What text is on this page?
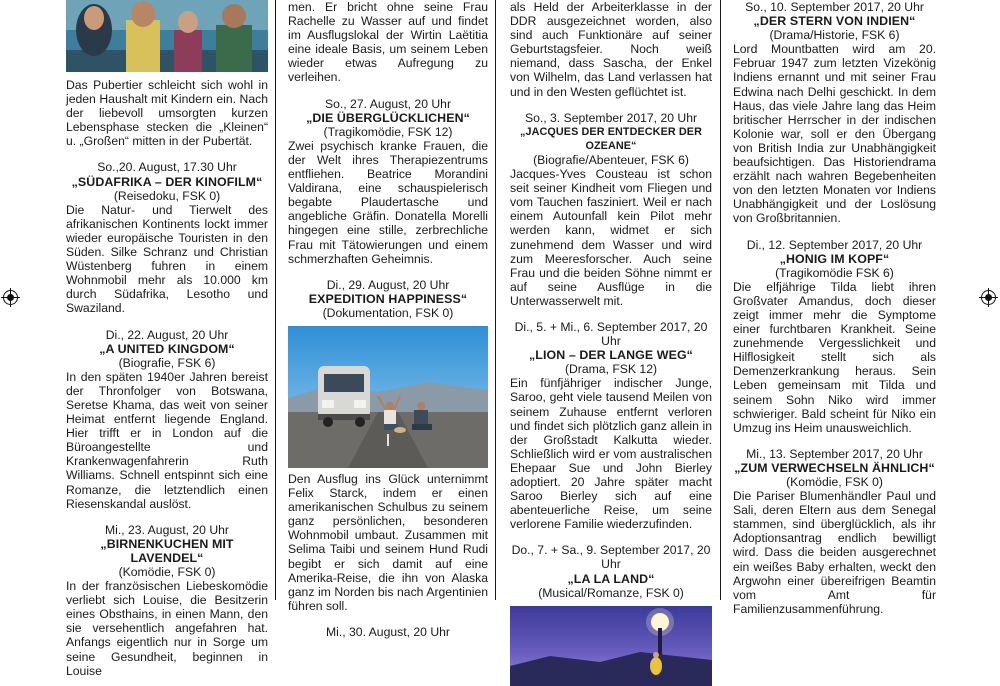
Das Pubertier schleicht sich wohl in jeden Haushalt mit Kindern ein. Nach der liebevoll umsorgten kurzen Lebensphase stecken die „Kleinen“ u. „Großen“ mitten in der Pubertät.

So.,20. August, 17.30 Uhr

„SÜDAFRIKA – DER KINOFILM“

(Reisedoku, FSK 0)

Die Natur- und Tierwelt des afrikanischen Kontinents lockt immer wieder europäische Touristen in den Süden. Silke Schranz und Christian Wüstenberg fuhren in einem Wohnmobil mehr als 10.000 km durch Südafrika, Lesotho und Swaziland.

Di., 22. August, 20 Uhr

„A UNITED KINGDOM“

(Biografie, FSK 6)

In den späten 1940er Jahren bereist der Thronfolger von Botswana, Seretse Khama, das weit von seiner Heimat entfernt liegende England. Hier trifft er in London auf die Büroangestellte und Krankenwagenfahrerin Ruth Williams. Schnell entspinnt sich eine Romanze, die letztendlich einen Riesenskandal auslöst.

Mi., 23. August, 20 Uhr

„BIRNENKUCHEN MIT LAVENDEL“

(Komödie, FSK 0)

In der französischen Liebeskomödie verliebt sich Louise, die Besitzerin eines Obsthains, in einen Mann, den sie versehentlich angefahren hat. Anfangs eigentlich nur in Sorge um seine Gesundheit, beginnen in Louise

men. Er bricht ohne seine Frau Rachelle zu Wasser auf und findet im Ausflugslokal der Wirtin Laëtitia eine ideale Basis, um seinem Leben wieder etwas Aufregung zu verleihen.

So., 27. August, 20 Uhr

„DIE ÜBERGLÜCKLICHEN“

(Tragikomödie, FSK 12)

Zwei psychisch kranke Frauen, die der Welt ihres Therapiezentrums entfliehen. Beatrice Morandini Valdirana, eine schauspielerisch begabte Plaudertasche und angebliche Gräfin. Donatella Morelli hingegen eine stille, zerbrechliche Frau mit Tätowierungen und einem schmerzhaften Geheimnis.

Di., 29. August, 20 Uhr

EXPEDITION HAPPINESS“

(Dokumentation, FSK 0)

Den Ausflug ins Glück unternimmt Felix Starck, indem er einen amerikanischen Schulbus zu seinem ganz persönlichen, besonderen Wohnmobil umbaut. Zusammen mit Selima Taibi und seinem Hund Rudi begibt er sich damit auf eine Amerika-Reise, die ihn von Alaska ganz im Norden bis nach Argentinien führen soll.

Mi., 30. August, 20 Uhr

als Held der Arbeiterklasse in der DDR ausgezeichnet worden, also sind auch Funktionäre auf seiner Geburtstagsfeier. Noch weiß niemand, dass Sascha, der Enkel von Wilhelm, das Land verlassen hat und in den Westen geflüchtet ist.

So., 3. September 2017, 20 Uhr

„JACQUES DER ENTDECKER DER OZEANE“

(Biografie/Abenteuer, FSK 6)

Jacques-Yves Cousteau ist schon seit seiner Kindheit vom Fliegen und vom Tauchen fasziniert. Weil er nach einem Autounfall kein Pilot mehr werden kann, widmet er sich zunehmend dem Wasser und wird zum Meeresforscher. Auch seine Frau und die beiden Söhne nimmt er auf seine Ausflüge in die Unterwasserwelt mit.

Di., 5. + Mi., 6. September 2017, 20 Uhr

„LION – DER LANGE WEG“

(Drama, FSK 12)

Ein fünfjähriger indischer Junge, Saroo, geht viele tausend Meilen von seinem Zuhause entfernt verloren und findet sich plötzlich ganz allein in der Großstadt Kalkutta wieder. Schließlich wird er vom australischen Ehepaar Sue und John Bierley adoptiert. 20 Jahre später macht Saroo Bierley sich auf eine abenteuerliche Reise, um seine verlorene Familie wiederzufinden.

Do., 7. + Sa., 9. September 2017, 20 Uhr

„LA LA LAND“

(Musical/Romanze, FSK 0)

So., 10. September 2017, 20 Uhr

„DER STERN VON INDIEN“

(Drama/Historie, FSK 6)

Lord Mountbatten wird am 20. Februar 1947 zum letzten Vizekönig Indiens ernannt und mit seiner Frau Edwina nach Delhi geschickt. In dem Haus, das viele Jahre lang das Heim britischer Herrscher in der indischen Kolonie war, soll er den Übergang von British India zur Unabhängigkeit beaufsichtigen. Das Historiendrama erzählt nach wahren Begebenheiten von den letzten Monaten vor Indiens Unabhängigkeit und der Loslösung von Großbritannien.

Di., 12. September 2017, 20 Uhr

„HONIG IM KOPF“

(Tragikomödie FSK 6)

Die elfjährige Tilda liebt ihren Großvater Amandus, doch dieser zeigt immer mehr die Symptome einer furchtbaren Krankheit. Seine zunehmende Vergesslichkeit und Hilflosigkeit stellt sich als Demenzerkrankung heraus. Sein Leben gemeinsam mit Tilda und seinem Sohn Niko wird immer schwieriger. Bald scheint für Niko ein Umzug ins Heim unausweichlich.

Mi., 13. September 2017, 20 Uhr

„ZUM VERWECHSELN ÄHNLICH“

(Komödie, FSK 0)

Die Pariser Blumenhändler Paul und Sali, deren Eltern aus dem Senegal stammen, sind überglücklich, als ihr Adoptionsantrag endlich bewilligt wird. Dass die beiden ausgerechnet ein weißes Baby erhalten, weckt den Argwohn einer übereifrigen Beamtin vom Amt für Familienzusammenführung.
